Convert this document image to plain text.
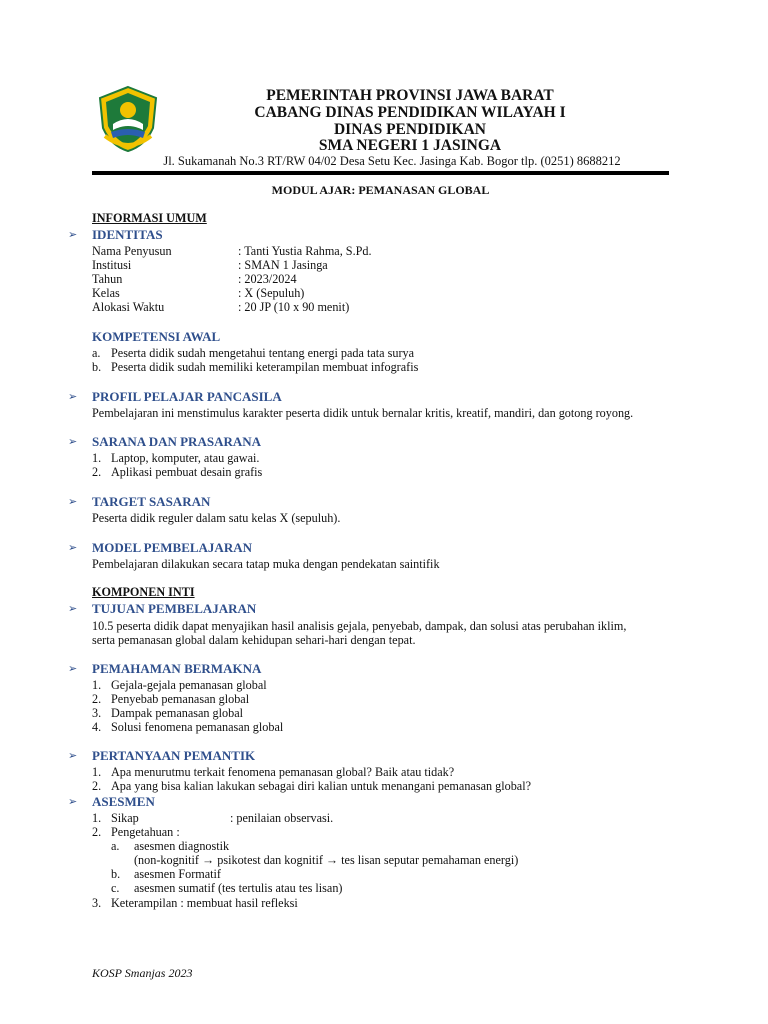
PEMERINTAH PROVINSI JAWA BARAT
CABANG DINAS PENDIDIKAN WILAYAH I
DINAS PENDIDIKAN
SMA NEGERI 1 JASINGA
Jl. Sukamanah No.3 RT/RW 04/02 Desa Setu Kec. Jasinga Kab. Bogor tlp. (0251) 8688212
MODUL AJAR: PEMANASAN GLOBAL
INFORMASI UMUM
➢ IDENTITAS
Nama Penyusun	: Tanti Yustia Rahma, S.Pd.
Institusi	: SMAN 1 Jasinga
Tahun	: 2023/2024
Kelas	: X (Sepuluh)
Alokasi Waktu	: 20 JP (10 x 90 menit)
KOMPETENSI AWAL
a. Peserta didik sudah mengetahui tentang energi pada tata surya
b. Peserta didik sudah memiliki keterampilan membuat infografis
➢ PROFIL PELAJAR PANCASILA
Pembelajaran ini menstimulus karakter peserta didik untuk bernalar kritis, kreatif, mandiri, dan gotong royong.
➢ SARANA DAN PRASARANA
1. Laptop, komputer, atau gawai.
2. Aplikasi pembuat desain grafis
➢ TARGET SASARAN
Peserta didik reguler dalam satu kelas X (sepuluh).
➢ MODEL PEMBELAJARAN
Pembelajaran dilakukan secara tatap muka dengan pendekatan saintifik
KOMPONEN INTI
➢ TUJUAN PEMBELAJARAN
10.5 peserta didik dapat menyajikan hasil analisis gejala, penyebab, dampak, dan solusi atas perubahan iklim,
serta pemanasan global dalam kehidupan sehari-hari dengan tepat.
➢ PEMAHAMAN BERMAKNA
1. Gejala-gejala pemanasan global
2. Penyebab pemanasan global
3. Dampak pemanasan global
4. Solusi fenomena pemanasan global
➢ PERTANYAAN PEMANTIK
1. Apa menurutmu terkait fenomena pemanasan global? Baik atau tidak?
2. Apa yang bisa kalian lakukan sebagai diri kalian untuk menangani pemanasan global?
➢ ASESMEN
1. Sikap	: penilaian observasi.
2. Pengetahuan :
a. asesmen diagnostik
(non-kognitif → psikotest dan kognitif → tes lisan seputar pemahaman energi)
b. asesmen Formatif
c. asesmen sumatif (tes tertulis atau tes lisan)
3. Keterampilan : membuat hasil refleksi
KOSP Smanjas 2023
